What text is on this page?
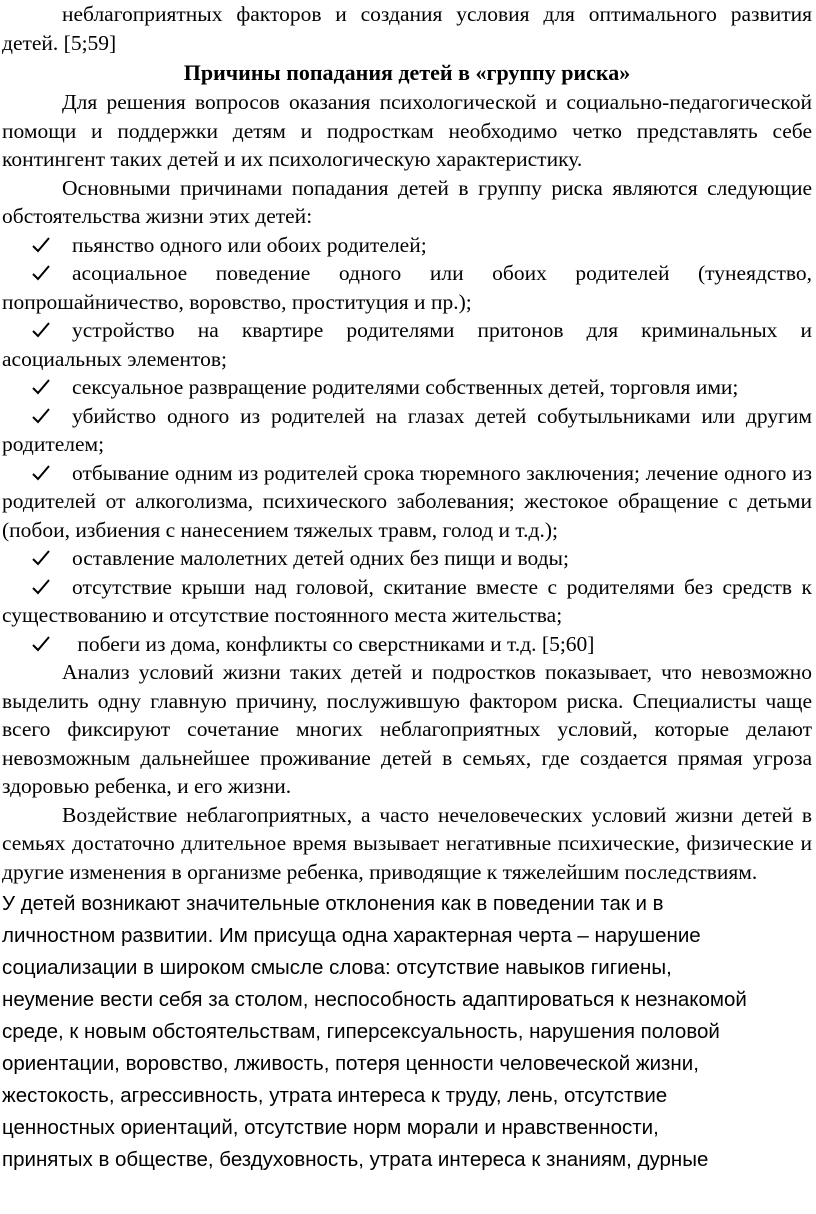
неблагоприятных факторов и создания условия для оптимального развития детей. [5;59]

Причины попадания детей в «группу риска»

Для решения вопросов оказания психологической и социально-педагогической помощи и поддержки детям и подросткам необходимо четко представлять себе контингент таких детей и их психологическую характеристику.

Основными причинами попадания детей в группу риска являются следующие обстоятельства жизни этих детей:

пьянство одного или обоих родителей;

асоциальное поведение одного или обоих родителей (тунеядство, попрошайничество, воровство, проституция и пр.);

устройство на квартире родителями притонов для криминальных и асоциальных элементов;

сексуальное развращение родителями собственных детей, торговля ими;

убийство одного из родителей на глазах детей собутыльниками или другим родителем;

отбывание одним из родителей срока тюремного заключения; лечение одного из родителей от алкоголизма, психического заболевания; жестокое обращение с детьми (побои, избиения с нанесением тяжелых травм, голод и т.д.);

оставление малолетних детей одних без пищи и воды;

отсутствие крыши над головой, скитание вместе с родителями без средств к существованию и отсутствие постоянного места жительства;

побеги из дома, конфликты со сверстниками и т.д. [5;60]

Анализ условий жизни таких детей и подростков показывает, что невозможно выделить одну главную причину, послужившую фактором риска. Специалисты чаще всего фиксируют сочетание многих неблагоприятных условий, которые делают невозможным дальнейшее проживание детей в семьях, где создается прямая угроза здоровью ребенка, и его жизни.

Воздействие неблагоприятных, а часто нечеловеческих условий жизни детей в семьях достаточно длительное время вызывает негативные психические, физические и другие изменения в организме ребенка, приводящие к тяжелейшим последствиям.

У детей возникают значительные отклонения как в поведении так и в
личностном развитии. Им присуща одна характерная черта – нарушение
социализации в широком смысле слова: отсутствие навыков гигиены,
неумение вести себя за столом, неспособность адаптироваться к незнакомой
среде, к новым обстоятельствам, гиперсексуальность, нарушения половой
ориентации, воровство, лживость, потеря ценности человеческой жизни,
жестокость, агрессивность, утрата интереса к труду, лень, отсутствие
ценностных ориентаций, отсутствие норм морали и нравственности,
принятых в обществе, бездуховность, утрата интереса к знаниям, дурные
